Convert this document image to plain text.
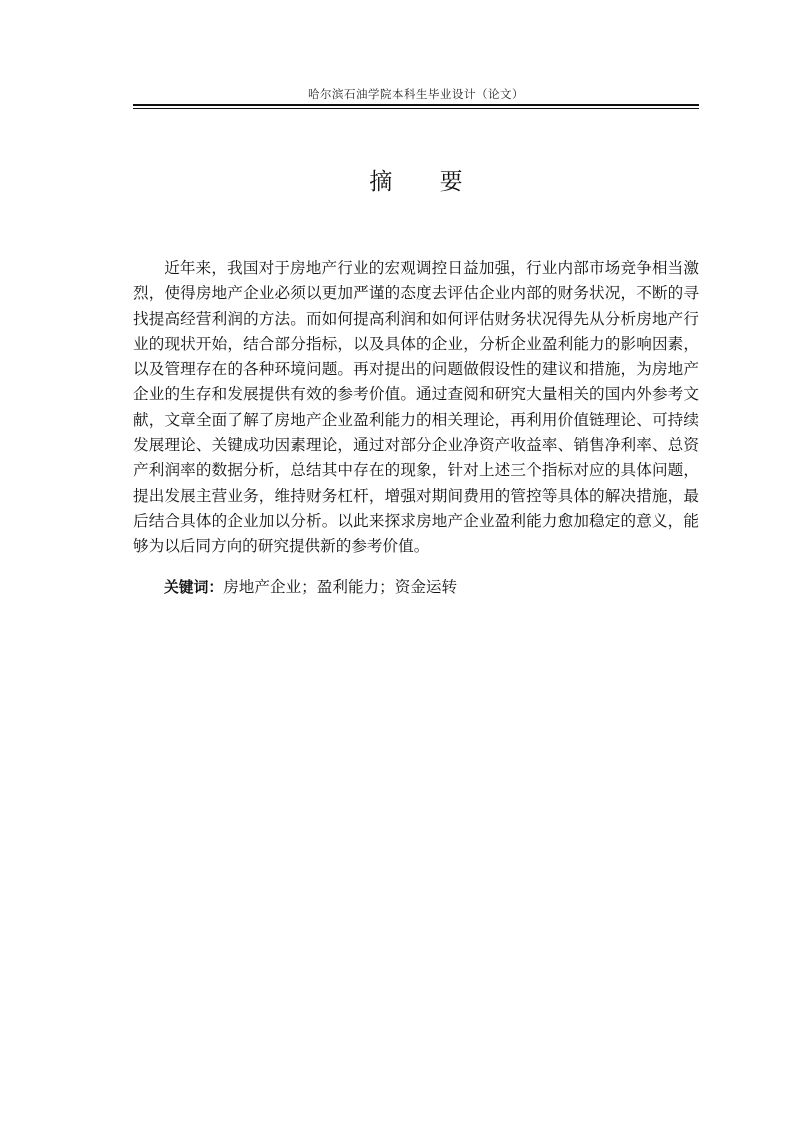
哈尔滨石油学院本科生毕业设计（论文）
摘 要

近年来，我国对于房地产行业的宏观调控日益加强，行业内部市场竞争相当激烈，使得房地产企业必须以更加严谨的态度去评估企业内部的财务状况，不断的寻找提高经营利润的方法。而如何提高利润和如何评估财务状况得先从分析房地产行业的现状开始，结合部分指标，以及具体的企业，分析企业盈利能力的影响因素，以及管理存在的各种环境问题。再对提出的问题做假设性的建议和措施，为房地产企业的生存和发展提供有效的参考价值。通过查阅和研究大量相关的国内外参考文献，文章全面了解了房地产企业盈利能力的相关理论，再利用价值链理论、可持续发展理论、关键成功因素理论，通过对部分企业净资产收益率、销售净利率、总资产利润率的数据分析，总结其中存在的现象，针对上述三个指标对应的具体问题，提出发展主营业务，维持财务杠杆，增强对期间费用的管控等具体的解决措施，最后结合具体的企业加以分析。以此来探求房地产企业盈利能力愈加稳定的意义，能够为以后同方向的研究提供新的参考价值。

关键词：房地产企业；盈利能力；资金运转
